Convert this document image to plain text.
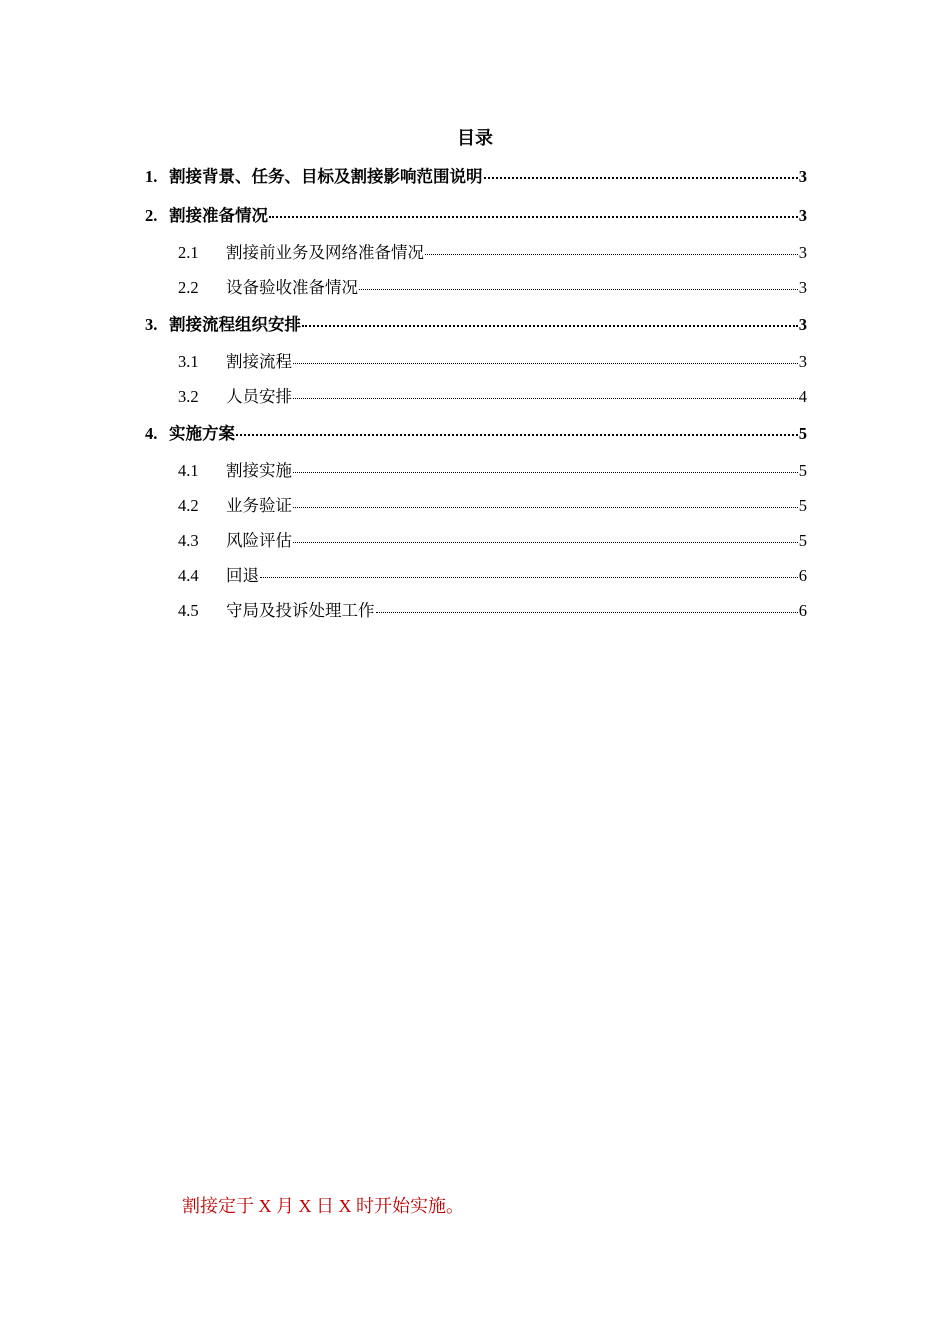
目录
1. 割接背景、任务、目标及割接影响范围说明	3
2. 割接准备情况	3
2.1	割接前业务及网络准备情况	3
2.2	设备验收准备情况	3
3. 割接流程组织安排	3
3.1	割接流程	3
3.2	人员安排	4
4. 实施方案	5
4.1	割接实施	5
4.2	业务验证	5
4.3	风险评估	5
4.4	回退	6
4.5	守局及投诉处理工作	6
割接定于 X 月 X 日 X 时开始实施。
